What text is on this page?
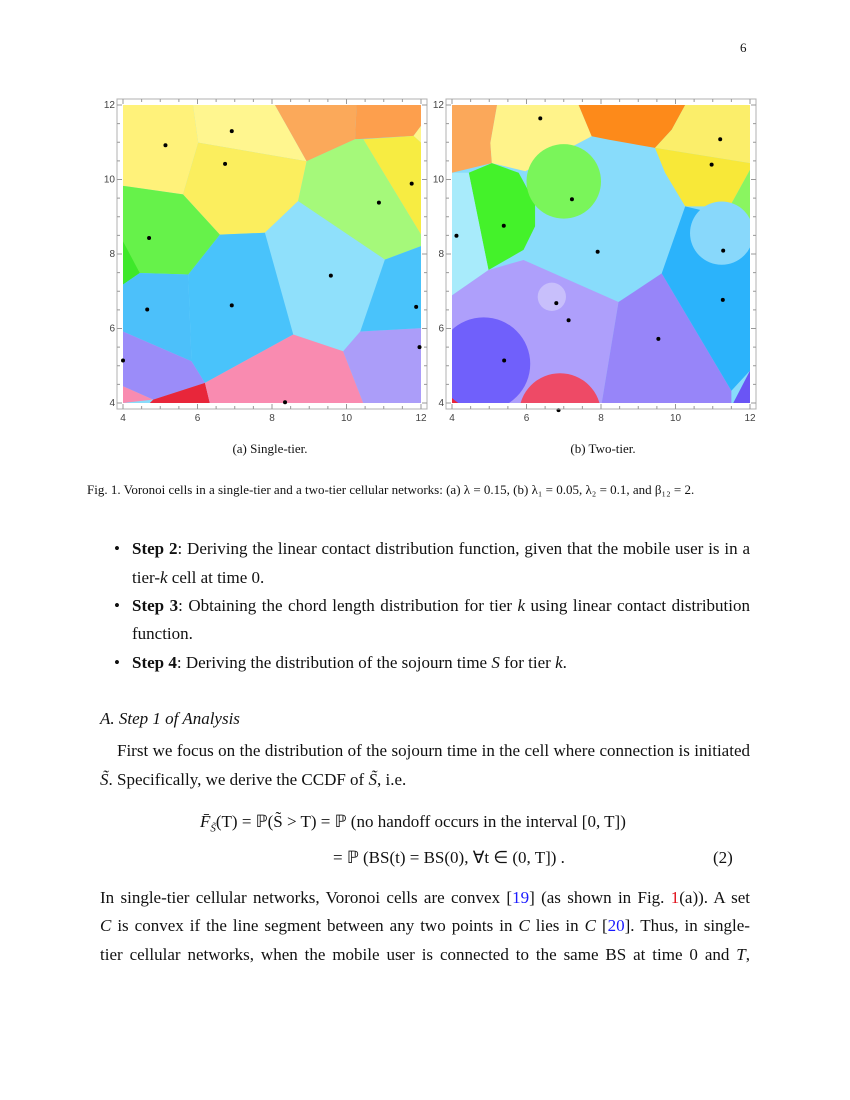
6
4	6	8	10	12
12
10
8
6
4
4	6	8	10	12
12
10
8
6
4
(a) Single-tier.	(b) Two-tier.
Fig. 1. Voronoi cells in a single-tier and a two-tier cellular networks: (a) λ = 0.15, (b) λ₁ = 0.05, λ₂ = 0.1, and β₁₂ = 2.
• Step 2: Deriving the linear contact distribution function, given that the mobile user is in a
tier-k cell at time 0.
• Step 3: Obtaining the chord length distribution for tier k using linear contact distribution
function.
• Step 4: Deriving the distribution of the sojourn time S for tier k.
A. Step 1 of Analysis
First we focus on the distribution of the sojourn time in the cell where connection is initiated
S̃. Specifically, we derive the CCDF of S̃, i.e.
$F̄_{S̃}(T)$ = ℙ(S̃ > T) = ℙ (no handoff occurs in the interval [0, T])
= ℙ (BS(t) = BS(0), ∀t ∈ (0, T]) .	(2)
In single-tier cellular networks, Voronoi cells are convex [19] (as shown in Fig. 1(a)). A set
C is convex if the line segment between any two points in C lies in C [20]. Thus, in single-
tier cellular networks, when the mobile user is connected to the same BS at time 0 and T,
